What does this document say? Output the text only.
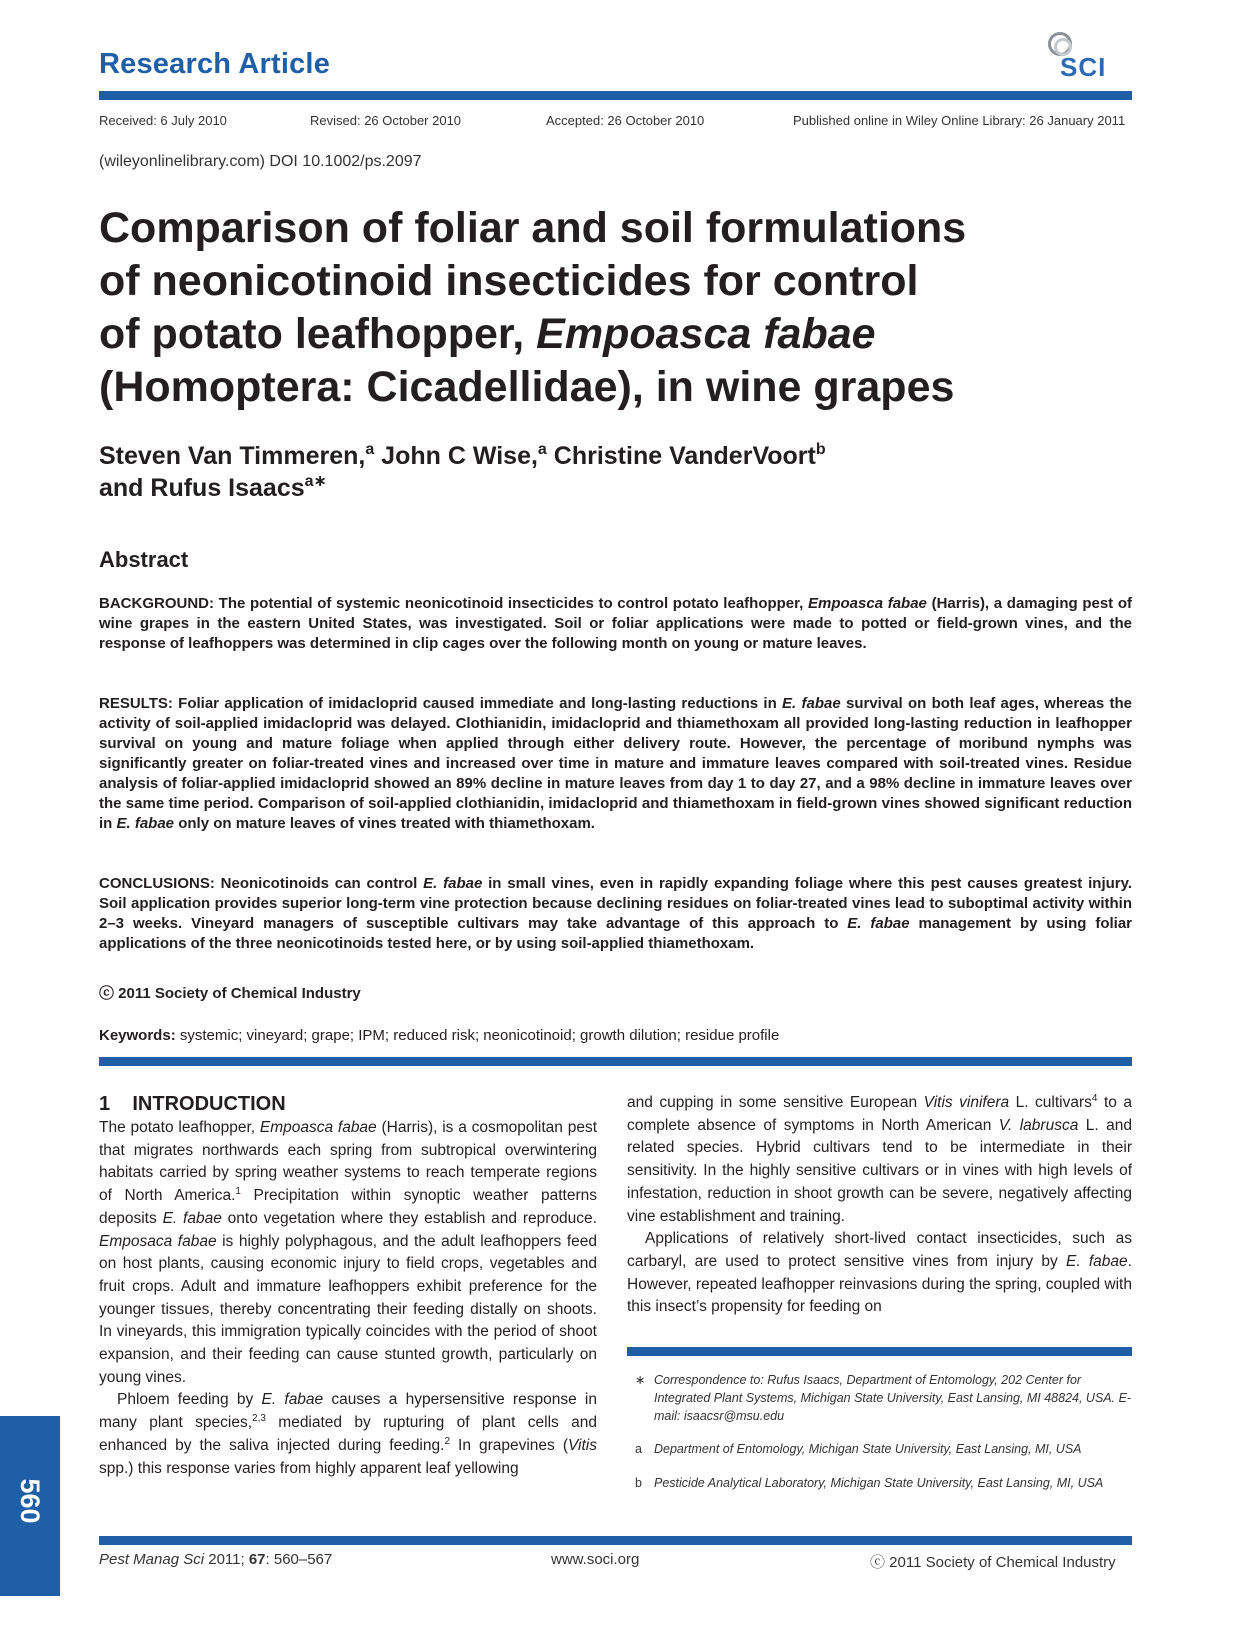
Research Article	SCI
Received: 6 July 2010	Revised: 26 October 2010	Accepted: 26 October 2010	Published online in Wiley Online Library: 26 January 2011
(wileyonlinelibrary.com) DOI 10.1002/ps.2097
Comparison of foliar and soil formulations
of neonicotinoid insecticides for control
of potato leafhopper, Empoasca fabae
(Homoptera: Cicadellidae), in wine grapes
Steven Van Timmeren,$^a$ John C Wise,$^a$ Christine VanderVoort$^b$
and Rufus Isaacs$^{a∗}$
Abstract
BACKGROUND: The potential of systemic neonicotinoid insecticides to control potato leafhopper, Empoasca fabae (Harris), a damaging pest of wine grapes in the eastern United States, was investigated. Soil or foliar applications were made to potted or field-grown vines, and the response of leafhoppers was determined in clip cages over the following month on young or mature leaves.
RESULTS: Foliar application of imidacloprid caused immediate and long-lasting reductions in E. fabae survival on both leaf ages, whereas the activity of soil-applied imidacloprid was delayed. Clothianidin, imidacloprid and thiamethoxam all provided long-lasting reduction in leafhopper survival on young and mature foliage when applied through either delivery route. However, the percentage of moribund nymphs was significantly greater on foliar-treated vines and increased over time in mature and immature leaves compared with soil-treated vines. Residue analysis of foliar-applied imidacloprid showed an 89% decline in mature leaves from day 1 to day 27, and a 98% decline in immature leaves over the same time period. Comparison of soil-applied clothianidin, imidacloprid and thiamethoxam in field-grown vines showed significant reduction in E. fabae only on mature leaves of vines treated with thiamethoxam.
CONCLUSIONS: Neonicotinoids can control E. fabae in small vines, even in rapidly expanding foliage where this pest causes greatest injury. Soil application provides superior long-term vine protection because declining residues on foliar-treated vines lead to suboptimal activity within 2–3 weeks. Vineyard managers of susceptible cultivars may take advantage of this approach to E. fabae management by using foliar applications of the three neonicotinoids tested here, or by using soil-applied thiamethoxam.
ⓒ 2011 Society of Chemical Industry
Keywords: systemic; vineyard; grape; IPM; reduced risk; neonicotinoid; growth dilution; residue profile
1    INTRODUCTION

The potato leafhopper, Empoasca fabae (Harris), is a cosmopolitan pest that migrates northwards each spring from subtropical overwintering habitats carried by spring weather systems to reach temperate regions of North America.$^1$ Precipitation within synoptic weather patterns deposits E. fabae onto vegetation where they establish and reproduce. Emposaca fabae is highly polyphagous, and the adult leafhoppers feed on host plants, causing economic injury to field crops, vegetables and fruit crops. Adult and immature leafhoppers exhibit preference for the younger tissues, thereby concentrating their feeding distally on shoots. In vineyards, this immigration typically coincides with the period of shoot expansion, and their feeding can cause stunted growth, particularly on young vines.

Phloem feeding by E. fabae causes a hypersensitive response in many plant species,$^{2,3}$ mediated by rupturing of plant cells and enhanced by the saliva injected during feeding.$^2$ In grapevines (Vitis spp.) this response varies from highly apparent leaf yellowing

and cupping in some sensitive European Vitis vinifera L. cultivars$^4$ to a complete absence of symptoms in North American V. labrusca L. and related species. Hybrid cultivars tend to be intermediate in their sensitivity. In the highly sensitive cultivars or in vines with high levels of infestation, reduction in shoot growth can be severe, negatively affecting vine establishment and training.

Applications of relatively short-lived contact insecticides, such as carbaryl, are used to protect sensitive vines from injury by E. fabae. However, repeated leafhopper reinvasions during the spring, coupled with this insect’s propensity for feeding on

∗ Correspondence to: Rufus Isaacs, Department of Entomology, 202 Center for Integrated Plant Systems, Michigan State University, East Lansing, MI 48824, USA. E-mail: isaacsr@msu.edu
a Department of Entomology, Michigan State University, East Lansing, MI, USA
b Pesticide Analytical Laboratory, Michigan State University, East Lansing, MI, USA
560
Pest Manag Sci 2011; 67: 560–567	www.soci.org	ⓒ 2011 Society of Chemical Industry
